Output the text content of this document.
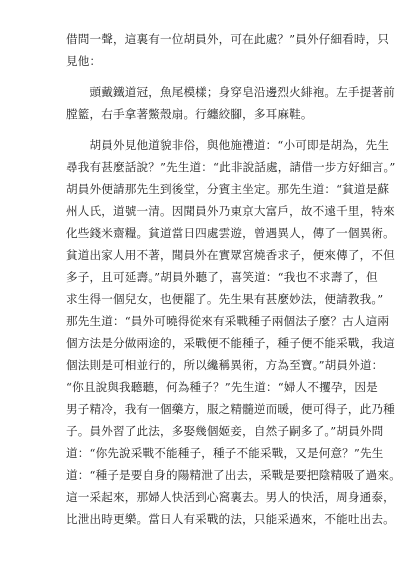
借問一聲，這裏有一位胡員外，可在此處？”員外仔細看時，只
見他：
　　頭戴鐵道冠，魚尾模樣；身穿皂沿邊烈火緋袍。左手提著前
膛籃，右手拿著鱉殼扇。行纏絞腳，多耳麻鞋。
　　胡員外見他道貌非俗，與他施禮道：“小可即是胡為，先生
尋我有甚麼話說？”先生道：“此非說話處，請借一步方好細言。”
胡員外便請那先生到後堂，分賓主坐定。那先生道：“貧道是蘇
州人氏，道號一清。因聞員外乃東京大富戶，故不遠千里，特來
化些錢米齋糧。貧道當日四處雲遊，曾遇異人，傳了一個異術。
貧道出家人用不著，聞員外在實眾宮燒香求子，便來傳了，不但
多子，且可延壽。”胡員外聽了，喜笑道：“我也不求壽了，但
求生得一個兒女，也便罷了。先生果有甚麼妙法，便請教我。”
那先生道：“員外可曉得從來有采戰種子兩個法子麼？古人這兩
個方法是分做兩途的，采戰便不能種子，種子便不能采戰，我這
個法則是可相並行的，所以纔稱異術，方為至寶。”胡員外道：
“你且說與我聽聽，何為種子？”先生道：“婦人不攫孕，因是
男子精冷，我有一個藥方，服之精髓逆而暖，便可得子，此乃種
子。員外習了此法，多娶幾個姬妾，自然子嗣多了。”胡員外問
道：“你先說采戰不能種子，種子不能采戰，又是何意？”先生
道：“種子是要自身的陽精泄了出去，采戰是要把陰精吸了過來。
這一采起來，那婦人快活到心窩裏去。男人的快活，周身通泰，
比泄出時更樂。當日人有采戰的法，只能采過來，不能吐出去。
